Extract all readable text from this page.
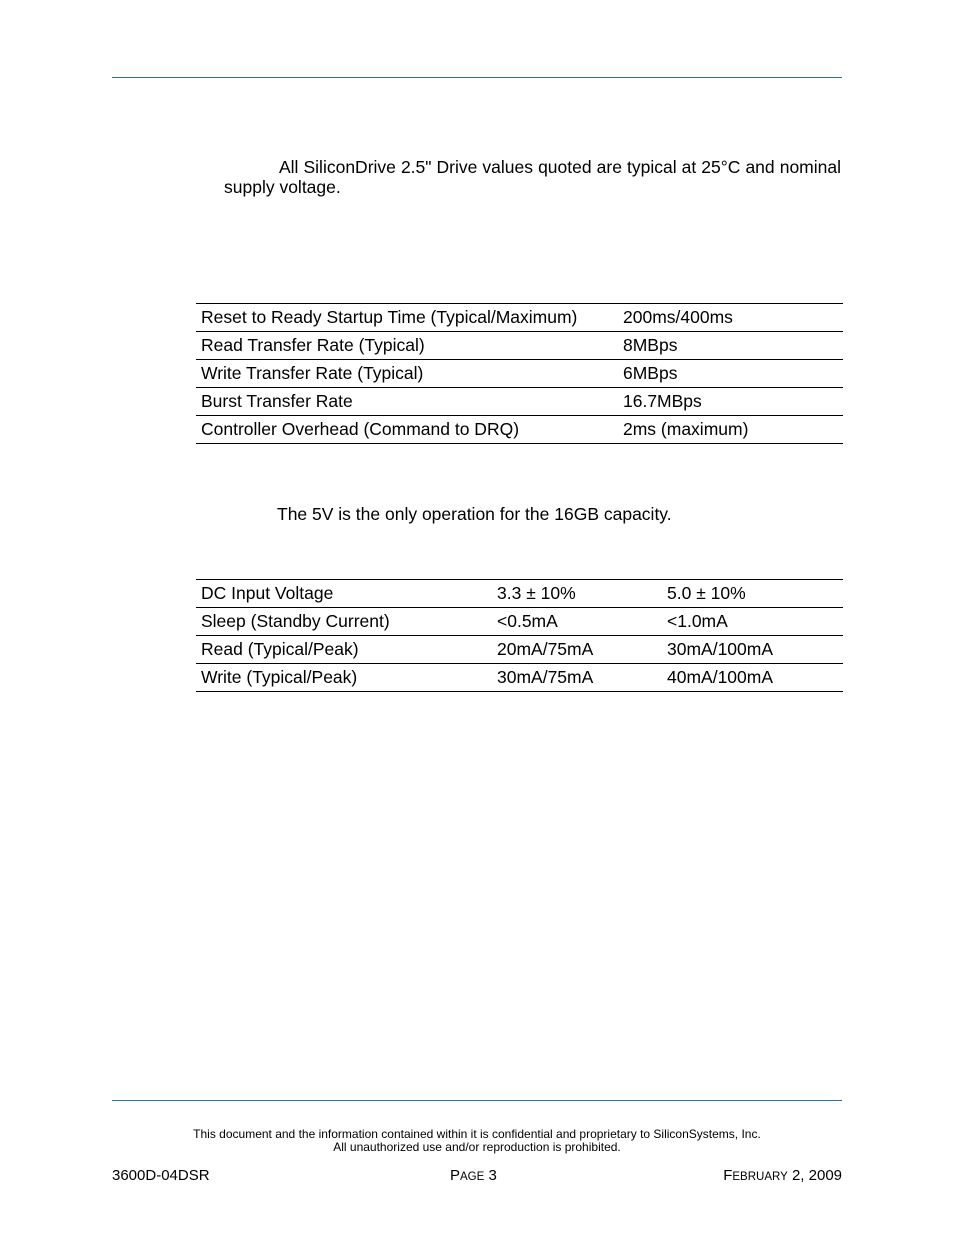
All SiliconDrive 2.5" Drive values quoted are typical at 25°C and nominal supply voltage.
Reset to Ready Startup Time (Typical/Maximum)	200ms/400ms
Read Transfer Rate (Typical)	8MBps
Write Transfer Rate (Typical)	6MBps
Burst Transfer Rate	16.7MBps
Controller Overhead (Command to DRQ)	2ms (maximum)
The 5V is the only operation for the 16GB capacity.
DC Input Voltage	3.3 ± 10%	5.0 ± 10%
Sleep (Standby Current)	<0.5mA	<1.0mA
Read (Typical/Peak)	20mA/75mA	30mA/100mA
Write (Typical/Peak)	30mA/75mA	40mA/100mA
This document and the information contained within it is confidential and proprietary to SiliconSystems, Inc.
All unauthorized use and/or reproduction is prohibited.
3600D-04DSR	PAGE 3	FEBRUARY 2, 2009
